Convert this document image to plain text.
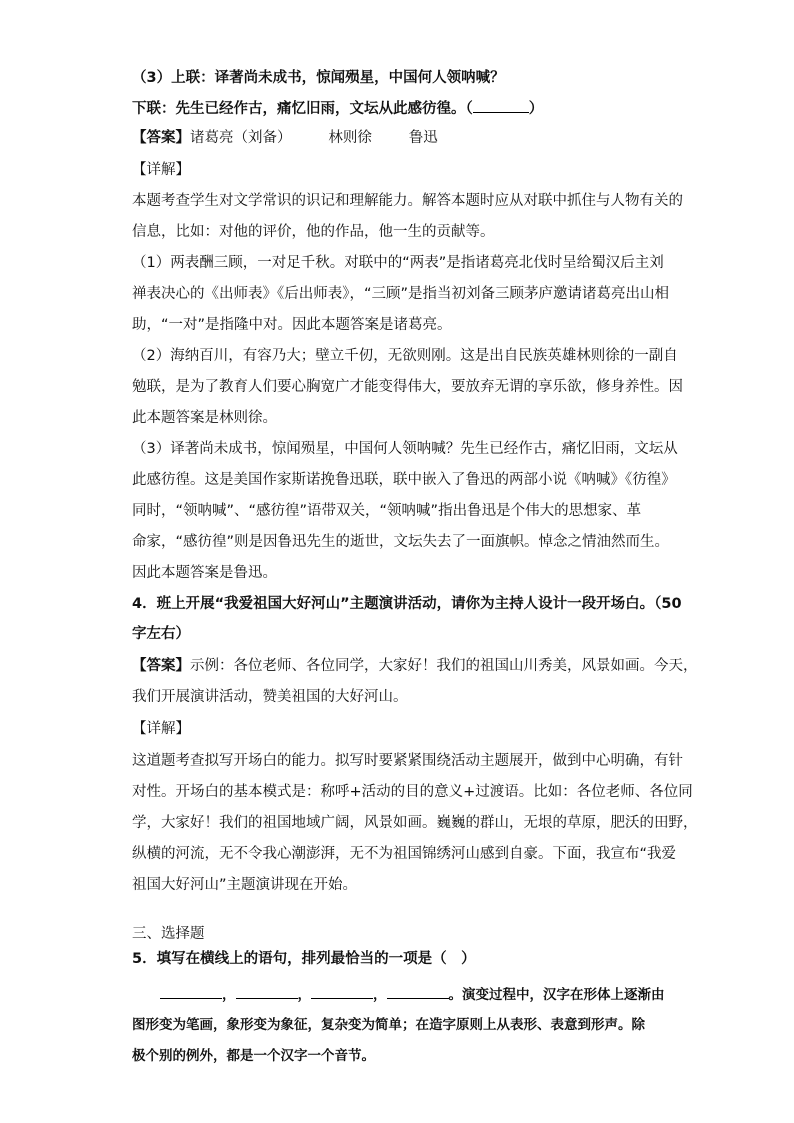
（3）上联：译著尚未成书，惊闻殒星，中国何人领呐喊？
下联：先生已经作古，痛忆旧雨，文坛从此感彷徨。（	）
【答案】诸葛亮（刘备）        林则徐        鲁迅
【详解】
本题考查学生对文学常识的识记和理解能力。解答本题时应从对联中抓住与人物有关的
信息，比如：对他的评价，他的作品，他一生的贡献等。
（1）两表酬三顾，一对足千秋。对联中的“两表”是指诸葛亮北伐时呈给蜀汉后主刘
禅表决心的《出师表》《后出师表》，“三顾”是指当初刘备三顾茅庐邀请诸葛亮出山相
助，“一对”是指隆中对。因此本题答案是诸葛亮。
（2）海纳百川，有容乃大；壁立千仞，无欲则刚。这是出自民族英雄林则徐的一副自
勉联，是为了教育人们要心胸宽广才能变得伟大，要放弃无谓的享乐欲，修身养性。因
此本题答案是林则徐。
（3）译著尚未成书，惊闻殒星，中国何人领呐喊？先生已经作古，痛忆旧雨，文坛从
此感彷徨。这是美国作家斯诺挽鲁迅联，联中嵌入了鲁迅的两部小说《呐喊》《彷徨》
同时，“领呐喊”、“感彷徨”语带双关，“领呐喊”指出鲁迅是个伟大的思想家、革
命家，“感彷徨”则是因鲁迅先生的逝世，文坛失去了一面旗帜。悼念之情油然而生。
因此本题答案是鲁迅。
4．班上开展“我爱祖国大好河山”主题演讲活动，请你为主持人设计一段开场白。（50
字左右）
【答案】示例：各位老师、各位同学，大家好！我们的祖国山川秀美，风景如画。今天，
我们开展演讲活动，赞美祖国的大好河山。
【详解】
这道题考查拟写开场白的能力。拟写时要紧紧围绕活动主题展开，做到中心明确，有针
对性。开场白的基本模式是：称呼+活动的目的意义+过渡语。比如：各位老师、各位同
学，大家好！我们的祖国地域广阔，风景如画。巍巍的群山，无垠的草原，肥沃的田野，
纵横的河流，无不令我心潮澎湃，无不为祖国锦绣河山感到自豪。下面，我宣布“我爱
祖国大好河山”主题演讲现在开始。
三、选择题
5．填写在横线上的语句，排列最恰当的一项是（　）
，	，	，	。演变过程中，汉字在形体上逐渐由
图形变为笔画，象形变为象征，复杂变为简单；在造字原则上从表形、表意到形声。除
极个别的例外，都是一个汉字一个音节。
